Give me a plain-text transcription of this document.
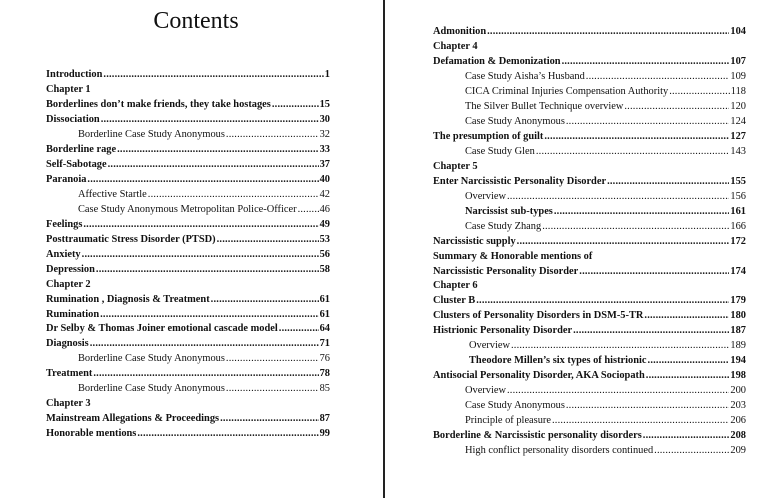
Contents
Introduction .....	1
Chapter 1
Borderlines don’t make friends, they take hostages .....	15
Dissociation .....	30
Borderline Case Study Anonymous .....	32
Borderline rage .....	33
Self-Sabotage .....	37
Paranoia .....	40
Affective Startle .....	42
Case Study Anonymous Metropolitan Police-Officer ..... 46
Feelings .....	49
Posttraumatic Stress Disorder (PTSD) .....	53
Anxiety .....	56
Depression .....	58
Chapter 2
Rumination , Diagnosis & Treatment .....	61
Rumination .....	61
Dr Selby & Thomas Joiner emotional cascade model .....	64
Diagnosis .....	71
Borderline Case Study Anonymous .....	76
Treatment .....	78
Borderline Case Study Anonymous .....	85
Chapter 3
Mainstream Allegations & Proceedings .....	87
Honorable mentions .....	99
Admonition .....	104
Chapter 4
Defamation & Demonization .....	107
Case Study Aisha’s Husband .....	109
CICA Criminal Injuries Compensation Authority .....	118
The Silver Bullet Technique overview .....	120
Case Study Anonymous .....	124
The presumption of guilt .....	127
Case Study Glen .....	143
Chapter 5
Enter Narcissistic Personality Disorder .....	155
Overview .....	156
Narcissist sub-types .....	161
Case Study Zhang .....	166
Narcissistic supply .....	172
Summary & Honorable mentions of
Narcissistic Personality Disorder .....	174
Chapter 6
Cluster B .....	179
Clusters of Personality Disorders in DSM-5-TR .....	180
Histrionic Personality Disorder .....	187
Overview .....	189
Theodore Millen’s six types of histrionic .....	194
Antisocial Personality Disorder, AKA Sociopath .....	198
Overview .....	200
Case Study Anonymous .....	203
Principle of pleasure .....	206
Borderline & Narcissistic personality disorders .....	208
High conflict personality disorders continued .....	209
